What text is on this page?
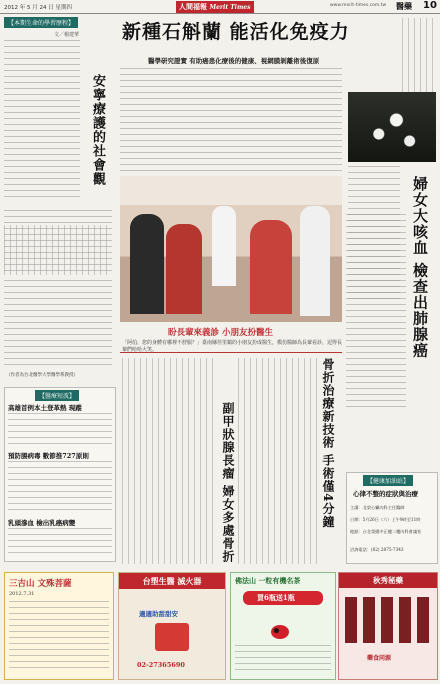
2012 年 5 月 24 日 星期四	人間福報 Merit Times	www.merit-times.com.tw 醫藥 10
【本期生命的學習歷程】
文／楊建華
安寧療護的社會觀
（作者為台北醫學大學醫學系教授）
【醫療短波】
高雄首例本土登革熱 現蹤
預防腸病毒 數節推727原則
乳頭滲血 檢出乳癌病變
新種石斛蘭 能活化免疫力
醫學研究證實 有助癌患化療後的健康、視網膜剝離術後復原
盼長輩來義診 小朋友扮醫生
「阿伯，您的身體有哪裡不舒服？」臺南縣佳里鎮的小朋友扮成醫生，模仿醫師為長輩看診，逗得長輩們哈哈大笑。	婦女大咳血 檢查出肺腺癌
【健康加油站】
心律不整的症狀與治療
主講：北榮心臟內科主任醫師
日期：5月26日（六）上午9時至11時
地點：台北榮總中正樓二樓內科會議室
洽詢電話：(02) 2875-7343
骨折治療新技術 手術僅4分鐘
副甲狀腺長瘤 婦女多處骨折
三吉山 文殊菩薩
2012.7.31
台塑生醫 滅火器
適適助甜甜安
02-27365690
佛法山 一粒有機名茶
買6瓶送1瓶
秋秀秘藥
藥食同源
